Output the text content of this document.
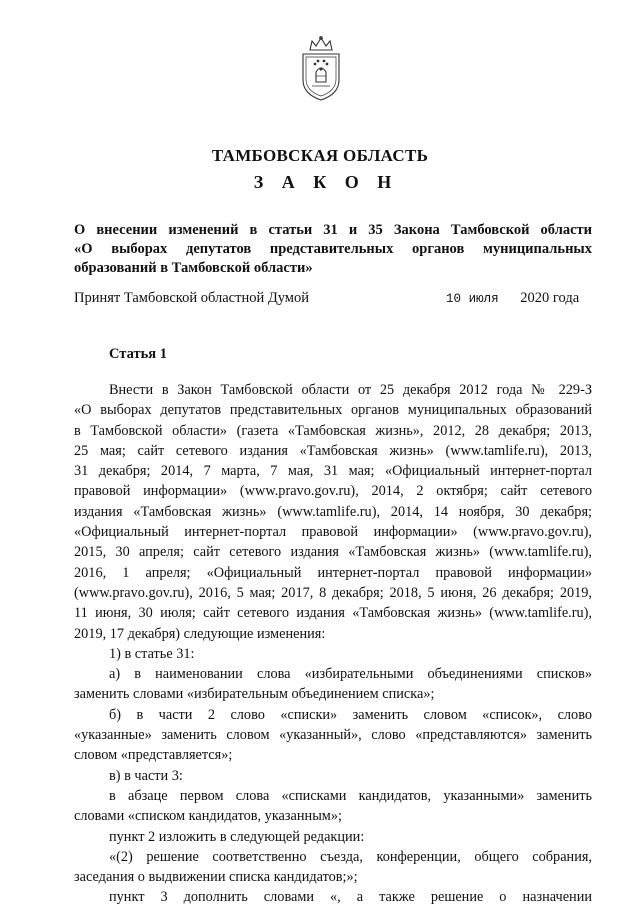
ТАМБОВСКАЯ ОБЛАСТЬ
З А К О Н
О внесении изменений в статьи 31 и 35 Закона Тамбовской области
«О выборах депутатов представительных органов муниципальных
образований в Тамбовской области»
Принят Тамбовской областной Думой	10 июля 2020 года
Статья 1
Внести в Закон Тамбовской области от 25 декабря 2012 года № 229-З
«О выборах депутатов представительных органов муниципальных образований
в Тамбовской области» (газета «Тамбовская жизнь», 2012, 28 декабря; 2013,
25 мая; сайт сетевого издания «Тамбовская жизнь» (www.tamlife.ru), 2013,
31 декабря; 2014, 7 марта, 7 мая, 31 мая; «Официальный интернет-портал
правовой информации» (www.pravo.gov.ru), 2014, 2 октября; сайт сетевого
издания «Тамбовская жизнь» (www.tamlife.ru), 2014, 14 ноября, 30 декабря;
«Официальный интернет-портал правовой информации» (www.pravo.gov.ru),
2015, 30 апреля; сайт сетевого издания «Тамбовская жизнь» (www.tamlife.ru),
2016, 1 апреля; «Официальный интернет-портал правовой информации»
(www.pravo.gov.ru), 2016, 5 мая; 2017, 8 декабря; 2018, 5 июня, 26 декабря; 2019,
11 июня, 30 июля; сайт сетевого издания «Тамбовская жизнь» (www.tamlife.ru),
2019, 17 декабря) следующие изменения:
1) в статье 31:
а) в наименовании слова «избирательными объединениями списков»
заменить словами «избирательным объединением списка»;
б) в части 2 слово «списки» заменить словом «список», слово
«указанные» заменить словом «указанный», слово «представляются» заменить
словом «представляется»;
в) в части 3:
в абзаце первом слова «списками кандидатов, указанными» заменить
словами «списком кандидатов, указанным»;
пункт 2 изложить в следующей редакции:
«(2) решение соответственно съезда, конференции, общего собрания,
заседания о выдвижении списка кандидатов;»;
пункт 3 дополнить словами «, а также решение о назначении
